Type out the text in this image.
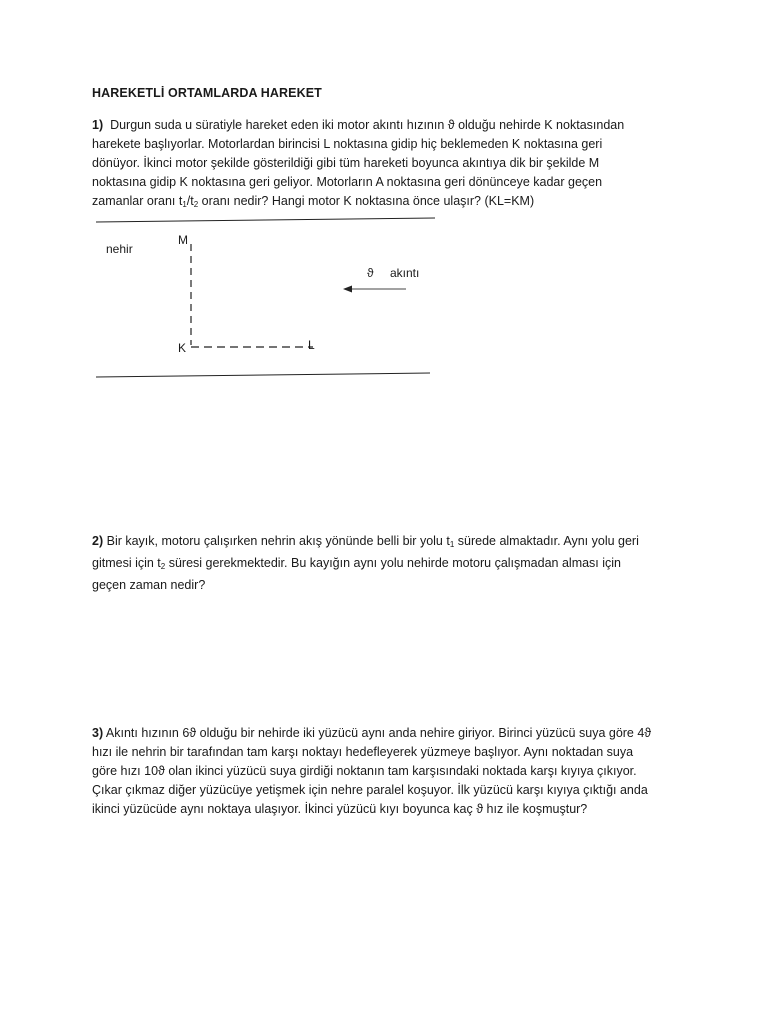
HAREKETLİ ORTAMLARDA HAREKET
1) Durgun suda u süratiyle hareket eden iki motor akıntı hızının ϑ olduğu nehirde K noktasından
harekete başlıyorlar. Motorlardan birincisi L noktasına gidip hiç beklemeden K noktasına geri
dönüyor. İkinci motor şekilde gösterildiği gibi tüm hareketi boyunca akıntıya dik bir şekilde M
noktasına gidip K noktasına geri geliyor. Motorların A noktasına geri dönünceye kadar geçen
zamanlar oranı $t_1/t_2$ oranı nedir? Hangi motor K noktasına önce ulaşır? (KL=KM)
nehir
M
K	L
ϑ akıntı
2) Bir kayık, motoru çalışırken nehrin akış yönünde belli bir yolu $t_1$ sürede almaktadır. Aynı yolu geri
gitmesi için $t_2$ süresi gerekmektedir. Bu kayığın aynı yolu nehirde motoru çalışmadan alması için
geçen zaman nedir?
3) Akıntı hızının 6ϑ olduğu bir nehirde iki yüzücü aynı anda nehire giriyor. Birinci yüzücü suya göre 4ϑ
hızı ile nehrin bir tarafından tam karşı noktayı hedefleyerek yüzmeye başlıyor. Aynı noktadan suya
göre hızı 10ϑ olan ikinci yüzücü suya girdiği noktanın tam karşısındaki noktada karşı kıyıya çıkıyor.
Çıkar çıkmaz diğer yüzücüye yetişmek için nehre paralel koşuyor. İlk yüzücü karşı kıyıya çıktığı anda
ikinci yüzücüde aynı noktaya ulaşıyor. İkinci yüzücü kıyı boyunca kaç ϑ hız ile koşmuştur?
